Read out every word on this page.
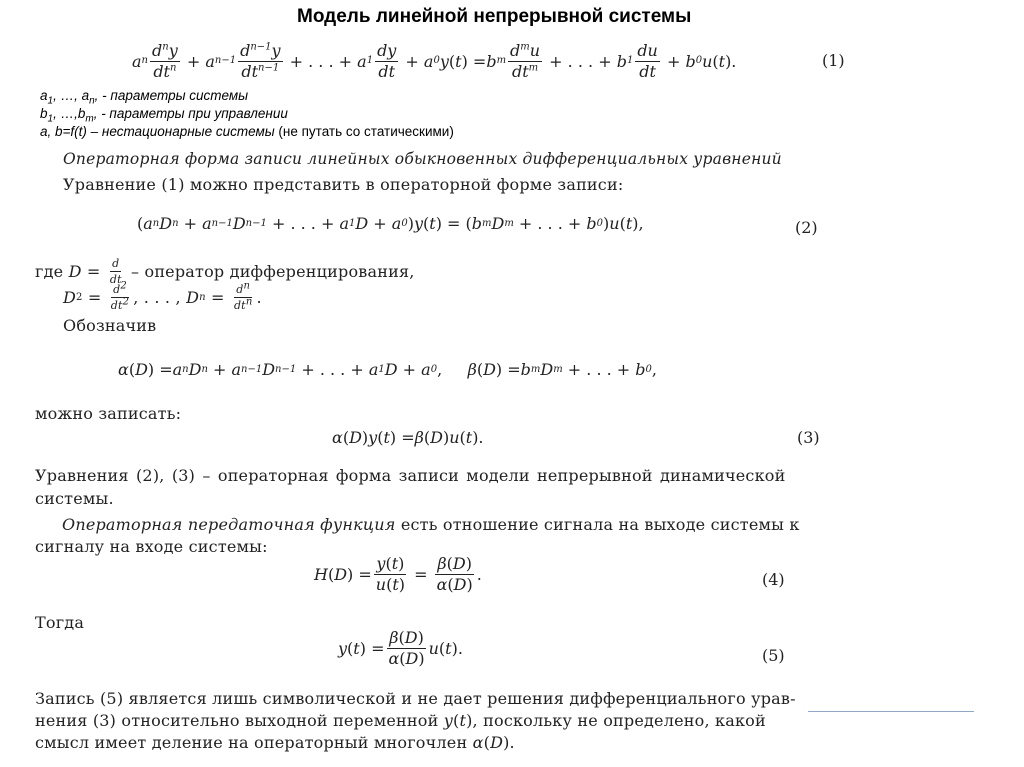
Модель линейной непрерывной системы
a n $\frac{d^ny}{dt^n} + a$ $n-1 \frac{d^{n-1}y}{dt^{n-1}}$ + . . . + a $1 \frac{dy}{dt} + a$ 0 y ( t ) = b m $\frac{d^mu}{dt^m}$ + . . . + b $1 \frac{du}{dt} + b$ 0 u ( t ).	(1)
$a_1$, …, $a_n$, - параметры системы
$b_1$, $\dots,b_m$, - параметры при управлении
a, b=f(t) – нестационарные системы (не путать со статическими)
Операторная форма записи линейных обыкновенных дифференциальных уравнений
Уравнение (1) можно представить в операторной форме записи:
( a n D n + a n−1 D n−1 + . . . + a 1 D + a 0 ) y ( t ) = ( b m D m + . . . + b 0 ) u ( t ),	(2)
где $D = \frac{d}{dt}$
– оператор дифференцирования,
D $2 = \frac{d^2}{dt^2}$ , . . . , D $n = \frac{d^n}{dt^n}$ .
Обозначив
α ( D ) = a n D n + a n−1 D n−1 + . . . + a 1 D + a 0 , β ( D ) = b m D m + . . . + b 0 ,
можно записать:
α ( D ) y ( t ) = β ( D ) u ( t ).	(3)
Уравнения (2), (3) – операторная форма записи модели непрерывной динамической
системы.
Операторная передаточная функция есть отношение сигнала на выходе системы к
сигналу на входе системы:
H ( D ) = $\frac{y(t)}{u(t)} = \frac{\beta(D)}{\alpha(D)}$ .	(4)
Тогда
y ( t ) = $\frac{\beta(D)}{\alpha(D)}$ u ( t ).	(5)
Запись (5) является лишь символической и не дает решения дифференциального урав-
нения (3) относительно выходной переменной y(t), поскольку не определено, какой
смысл имеет деление на операторный многочлен α(D).
